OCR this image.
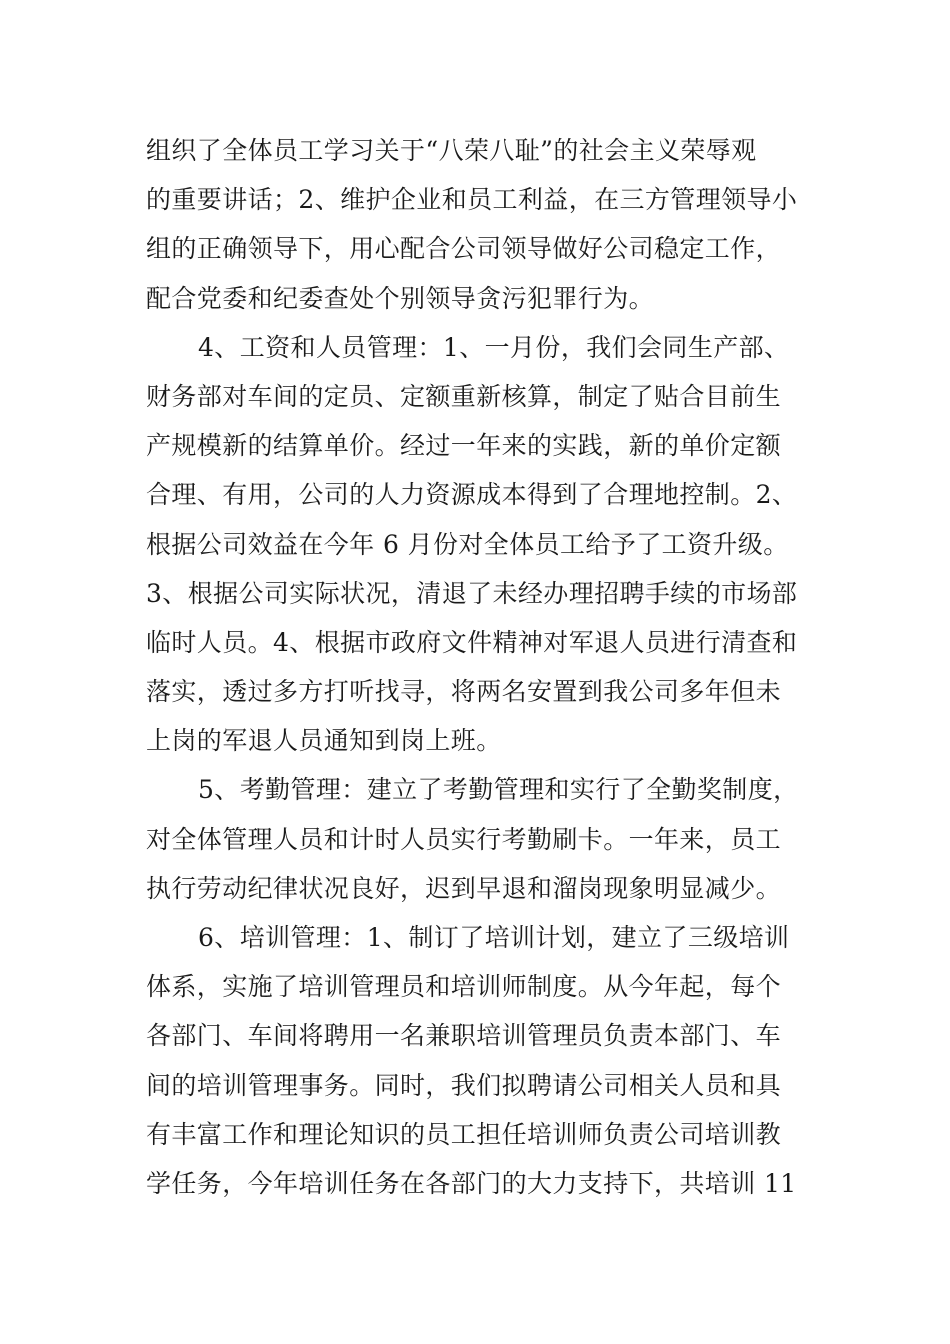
组织了全体员工学习关于“八荣八耻”的社会主义荣辱观
的重要讲话；2、维护企业和员工利益，在三方管理领导小
组的正确领导下，用心配合公司领导做好公司稳定工作，
配合党委和纪委查处个别领导贪污犯罪行为。
4、工资和人员管理：1、一月份，我们会同生产部、
财务部对车间的定员、定额重新核算，制定了贴合目前生
产规模新的结算单价。经过一年来的实践，新的单价定额
合理、有用，公司的人力资源成本得到了合理地控制。2、
根据公司效益在今年 6 月份对全体员工给予了工资升级。
3、根据公司实际状况，清退了未经办理招聘手续的市场部
临时人员。4、根据市政府文件精神对军退人员进行清查和
落实，透过多方打听找寻，将两名安置到我公司多年但未
上岗的军退人员通知到岗上班。
5、考勤管理：建立了考勤管理和实行了全勤奖制度，
对全体管理人员和计时人员实行考勤刷卡。一年来，员工
执行劳动纪律状况良好，迟到早退和溜岗现象明显减少。
6、培训管理：1、制订了培训计划，建立了三级培训
体系，实施了培训管理员和培训师制度。从今年起，每个
各部门、车间将聘用一名兼职培训管理员负责本部门、车
间的培训管理事务。同时，我们拟聘请公司相关人员和具
有丰富工作和理论知识的员工担任培训师负责公司培训教
学任务，今年培训任务在各部门的大力支持下，共培训 11
